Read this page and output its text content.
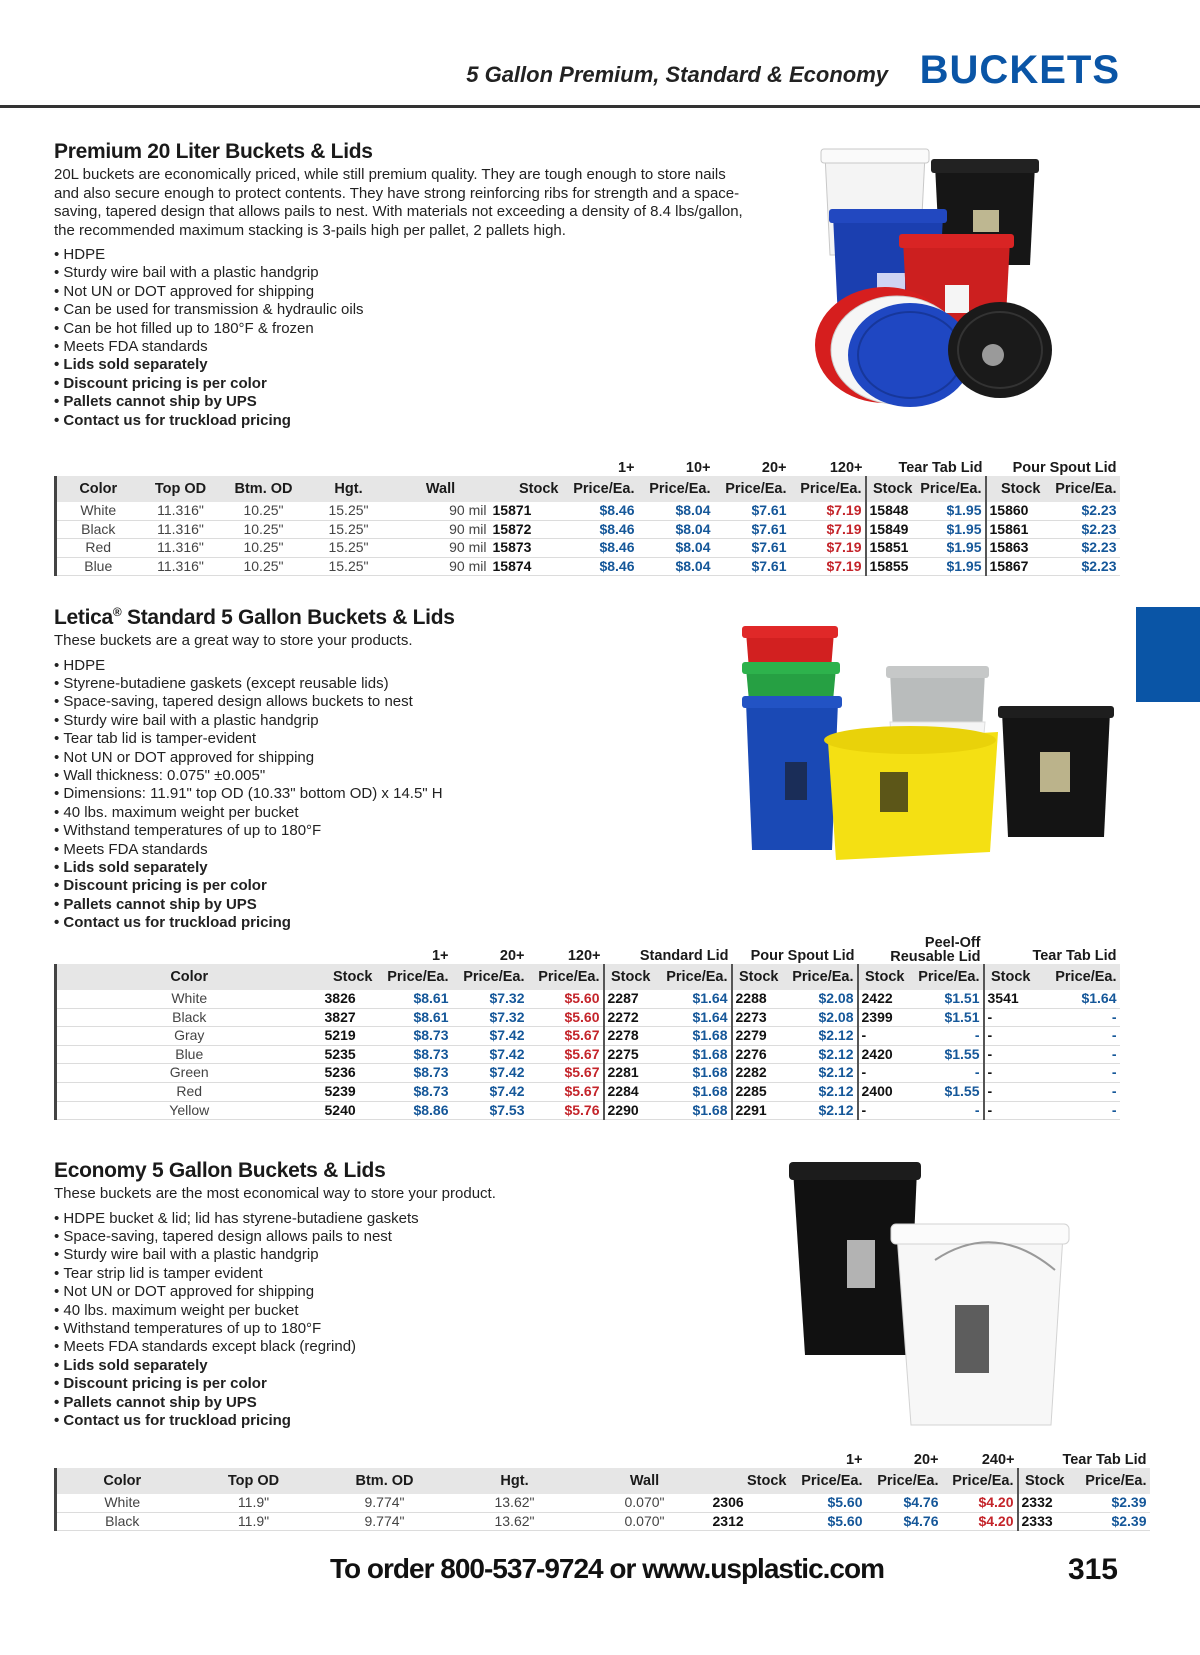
5 Gallon Premium, Standard & Economy BUCKETS
Premium 20 Liter Buckets & Lids
20L buckets are economically priced, while still premium quality. They are tough enough to store nails and also secure enough to protect contents. They have strong reinforcing ribs for strength and a space-saving, tapered design that allows pails to nest. With materials not exceeding a density of 8.4 lbs/gallon, the recommended maximum stacking is 3-pails high per pallet, 2 pallets high.
• HDPE
• Sturdy wire bail with a plastic handgrip
• Not UN or DOT approved for shipping
• Can be used for transmission & hydraulic oils
• Can be hot filled up to 180°F & frozen
• Meets FDA standards
• Lids sold separately
• Discount pricing is per color
• Pallets cannot ship by UPS
• Contact us for truckload pricing
						1+	10+	20+	120+	Tear Tab Lid		Pour Spout Lid	
Color	Top OD	Btm. OD	Hgt.	Wall	Stock	Price/Ea.	Price/Ea.	Price/Ea.	Price/Ea.	Stock	Price/Ea.	Stock	Price/Ea.
White	11.316"	10.25"	15.25"	90 mil	15871	$8.46	$8.04	$7.61	$7.19	15848	$1.95	15860	$2.23
Black	11.316"	10.25"	15.25"	90 mil	15872	$8.46	$8.04	$7.61	$7.19	15849	$1.95	15861	$2.23
Red	11.316"	10.25"	15.25"	90 mil	15873	$8.46	$8.04	$7.61	$7.19	15851	$1.95	15863	$2.23
Blue	11.316"	10.25"	15.25"	90 mil	15874	$8.46	$8.04	$7.61	$7.19	15855	$1.95	15867	$2.23
Letica® Standard 5 Gallon Buckets & Lids
These buckets are a great way to store your products.
• HDPE
• Styrene-butadiene gaskets (except reusable lids)
• Space-saving, tapered design allows buckets to nest
• Sturdy wire bail with a plastic handgrip
• Tear tab lid is tamper-evident
• Not UN or DOT approved for shipping
• Wall thickness: 0.075" ±0.005"
• Dimensions: 11.91" top OD (10.33" bottom OD) x 14.5" H
• 40 lbs. maximum weight per bucket
• Withstand temperatures of up to 180°F
• Meets FDA standards
• Lids sold separately
• Discount pricing is per color
• Pallets cannot ship by UPS
• Contact us for truckload pricing
		1+	20+	120+	Standard Lid		Pour Spout Lid		Peel-Off
Reusable Lid		Tear Tab Lid	
Color	Stock	Price/Ea.	Price/Ea.	Price/Ea.	Stock	Price/Ea.	Stock	Price/Ea.	Stock	Price/Ea.	Stock	Price/Ea.
White	3826	$8.61	$7.32	$5.60	2287	$1.64	2288	$2.08	2422	$1.51	3541	$1.64
Black	3827	$8.61	$7.32	$5.60	2272	$1.64	2273	$2.08	2399	$1.51	-	-
Gray	5219	$8.73	$7.42	$5.67	2278	$1.68	2279	$2.12	-	-	-	-
Blue	5235	$8.73	$7.42	$5.67	2275	$1.68	2276	$2.12	2420	$1.55	-	-
Green	5236	$8.73	$7.42	$5.67	2281	$1.68	2282	$2.12	-	-	-	-
Red	5239	$8.73	$7.42	$5.67	2284	$1.68	2285	$2.12	2400	$1.55	-	-
Yellow	5240	$8.86	$7.53	$5.76	2290	$1.68	2291	$2.12	-	-	-	-
Economy 5 Gallon Buckets & Lids
These buckets are the most economical way to store your product.
• HDPE bucket & lid; lid has styrene-butadiene gaskets
• Space-saving, tapered design allows pails to nest
• Sturdy wire bail with a plastic handgrip
• Tear strip lid is tamper evident
• Not UN or DOT approved for shipping
• 40 lbs. maximum weight per bucket
• Withstand temperatures of up to 180°F
• Meets FDA standards except black (regrind)
• Lids sold separately
• Discount pricing is per color
• Pallets cannot ship by UPS
• Contact us for truckload pricing
						1+	20+	240+	Tear Tab Lid	
Color	Top OD	Btm. OD	Hgt.	Wall	Stock	Price/Ea.	Price/Ea.	Price/Ea.	Stock	Price/Ea.
White	11.9"	9.774"	13.62"	0.070"	2306	$5.60	$4.76	$4.20	2332	$2.39
Black	11.9"	9.774"	13.62"	0.070"	2312	$5.60	$4.76	$4.20	2333	$2.39
To order 800-537-9724 or www.usplastic.com	315
